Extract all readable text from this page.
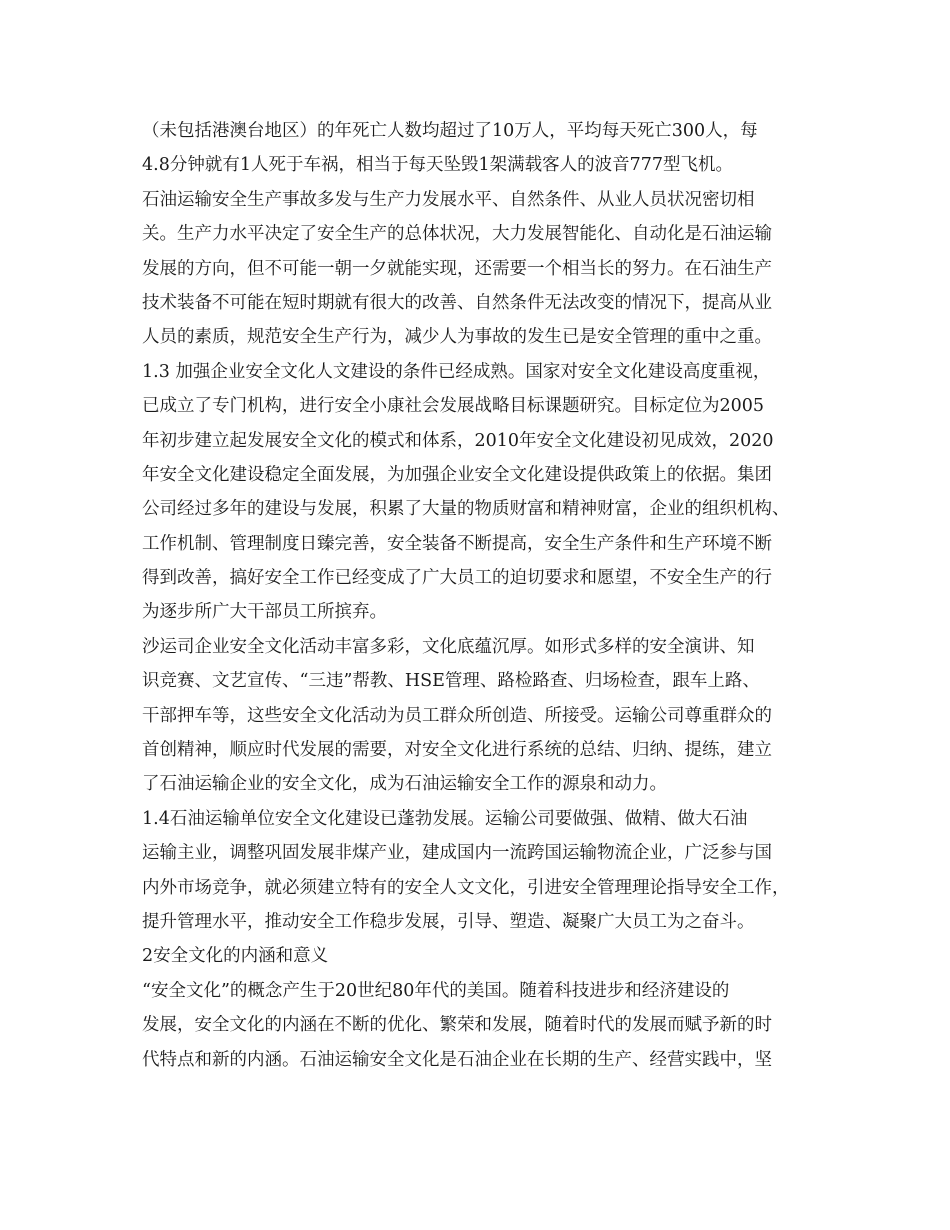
（未包括港澳台地区）的年死亡人数均超过了10万人，平均每天死亡300人，每
4.8分钟就有1人死于车祸，相当于每天坠毁1架满载客人的波音777型飞机。
石油运输安全生产事故多发与生产力发展水平、自然条件、从业人员状况密切相
关。生产力水平决定了安全生产的总体状况，大力发展智能化、自动化是石油运输
发展的方向，但不可能一朝一夕就能实现，还需要一个相当长的努力。在石油生产
技术装备不可能在短时期就有很大的改善、自然条件无法改变的情况下，提高从业
人员的素质，规范安全生产行为，减少人为事故的发生已是安全管理的重中之重。
1.3 加强企业安全文化人文建设的条件已经成熟。国家对安全文化建设高度重视，
已成立了专门机构，进行安全小康社会发展战略目标课题研究。目标定位为2005
年初步建立起发展安全文化的模式和体系，2010年安全文化建设初见成效，2020
年安全文化建设稳定全面发展，为加强企业安全文化建设提供政策上的依据。集团
公司经过多年的建设与发展，积累了大量的物质财富和精神财富，企业的组织机构、
工作机制、管理制度日臻完善，安全装备不断提高，安全生产条件和生产环境不断
得到改善，搞好安全工作已经变成了广大员工的迫切要求和愿望，不安全生产的行
为逐步所广大干部员工所摈弃。
沙运司企业安全文化活动丰富多彩，文化底蕴沉厚。如形式多样的安全演讲、知
识竞赛、文艺宣传、“三违”帮教、HSE管理、路检路查、归场检查，跟车上路、
干部押车等，这些安全文化活动为员工群众所创造、所接受。运输公司尊重群众的
首创精神，顺应时代发展的需要，对安全文化进行系统的总结、归纳、提练，建立
了石油运输企业的安全文化，成为石油运输安全工作的源泉和动力。
1.4石油运输单位安全文化建设已蓬勃发展。运输公司要做强、做精、做大石油
运输主业，调整巩固发展非煤产业，建成国内一流跨国运输物流企业，广泛参与国
内外市场竞争，就必须建立特有的安全人文文化，引进安全管理理论指导安全工作，
提升管理水平，推动安全工作稳步发展，引导、塑造、凝聚广大员工为之奋斗。
2安全文化的内涵和意义
“安全文化”的概念产生于20世纪80年代的美国。随着科技进步和经济建设的
发展，安全文化的内涵在不断的优化、繁荣和发展，随着时代的发展而赋予新的时
代特点和新的内涵。石油运输安全文化是石油企业在长期的生产、经营实践中，坚
